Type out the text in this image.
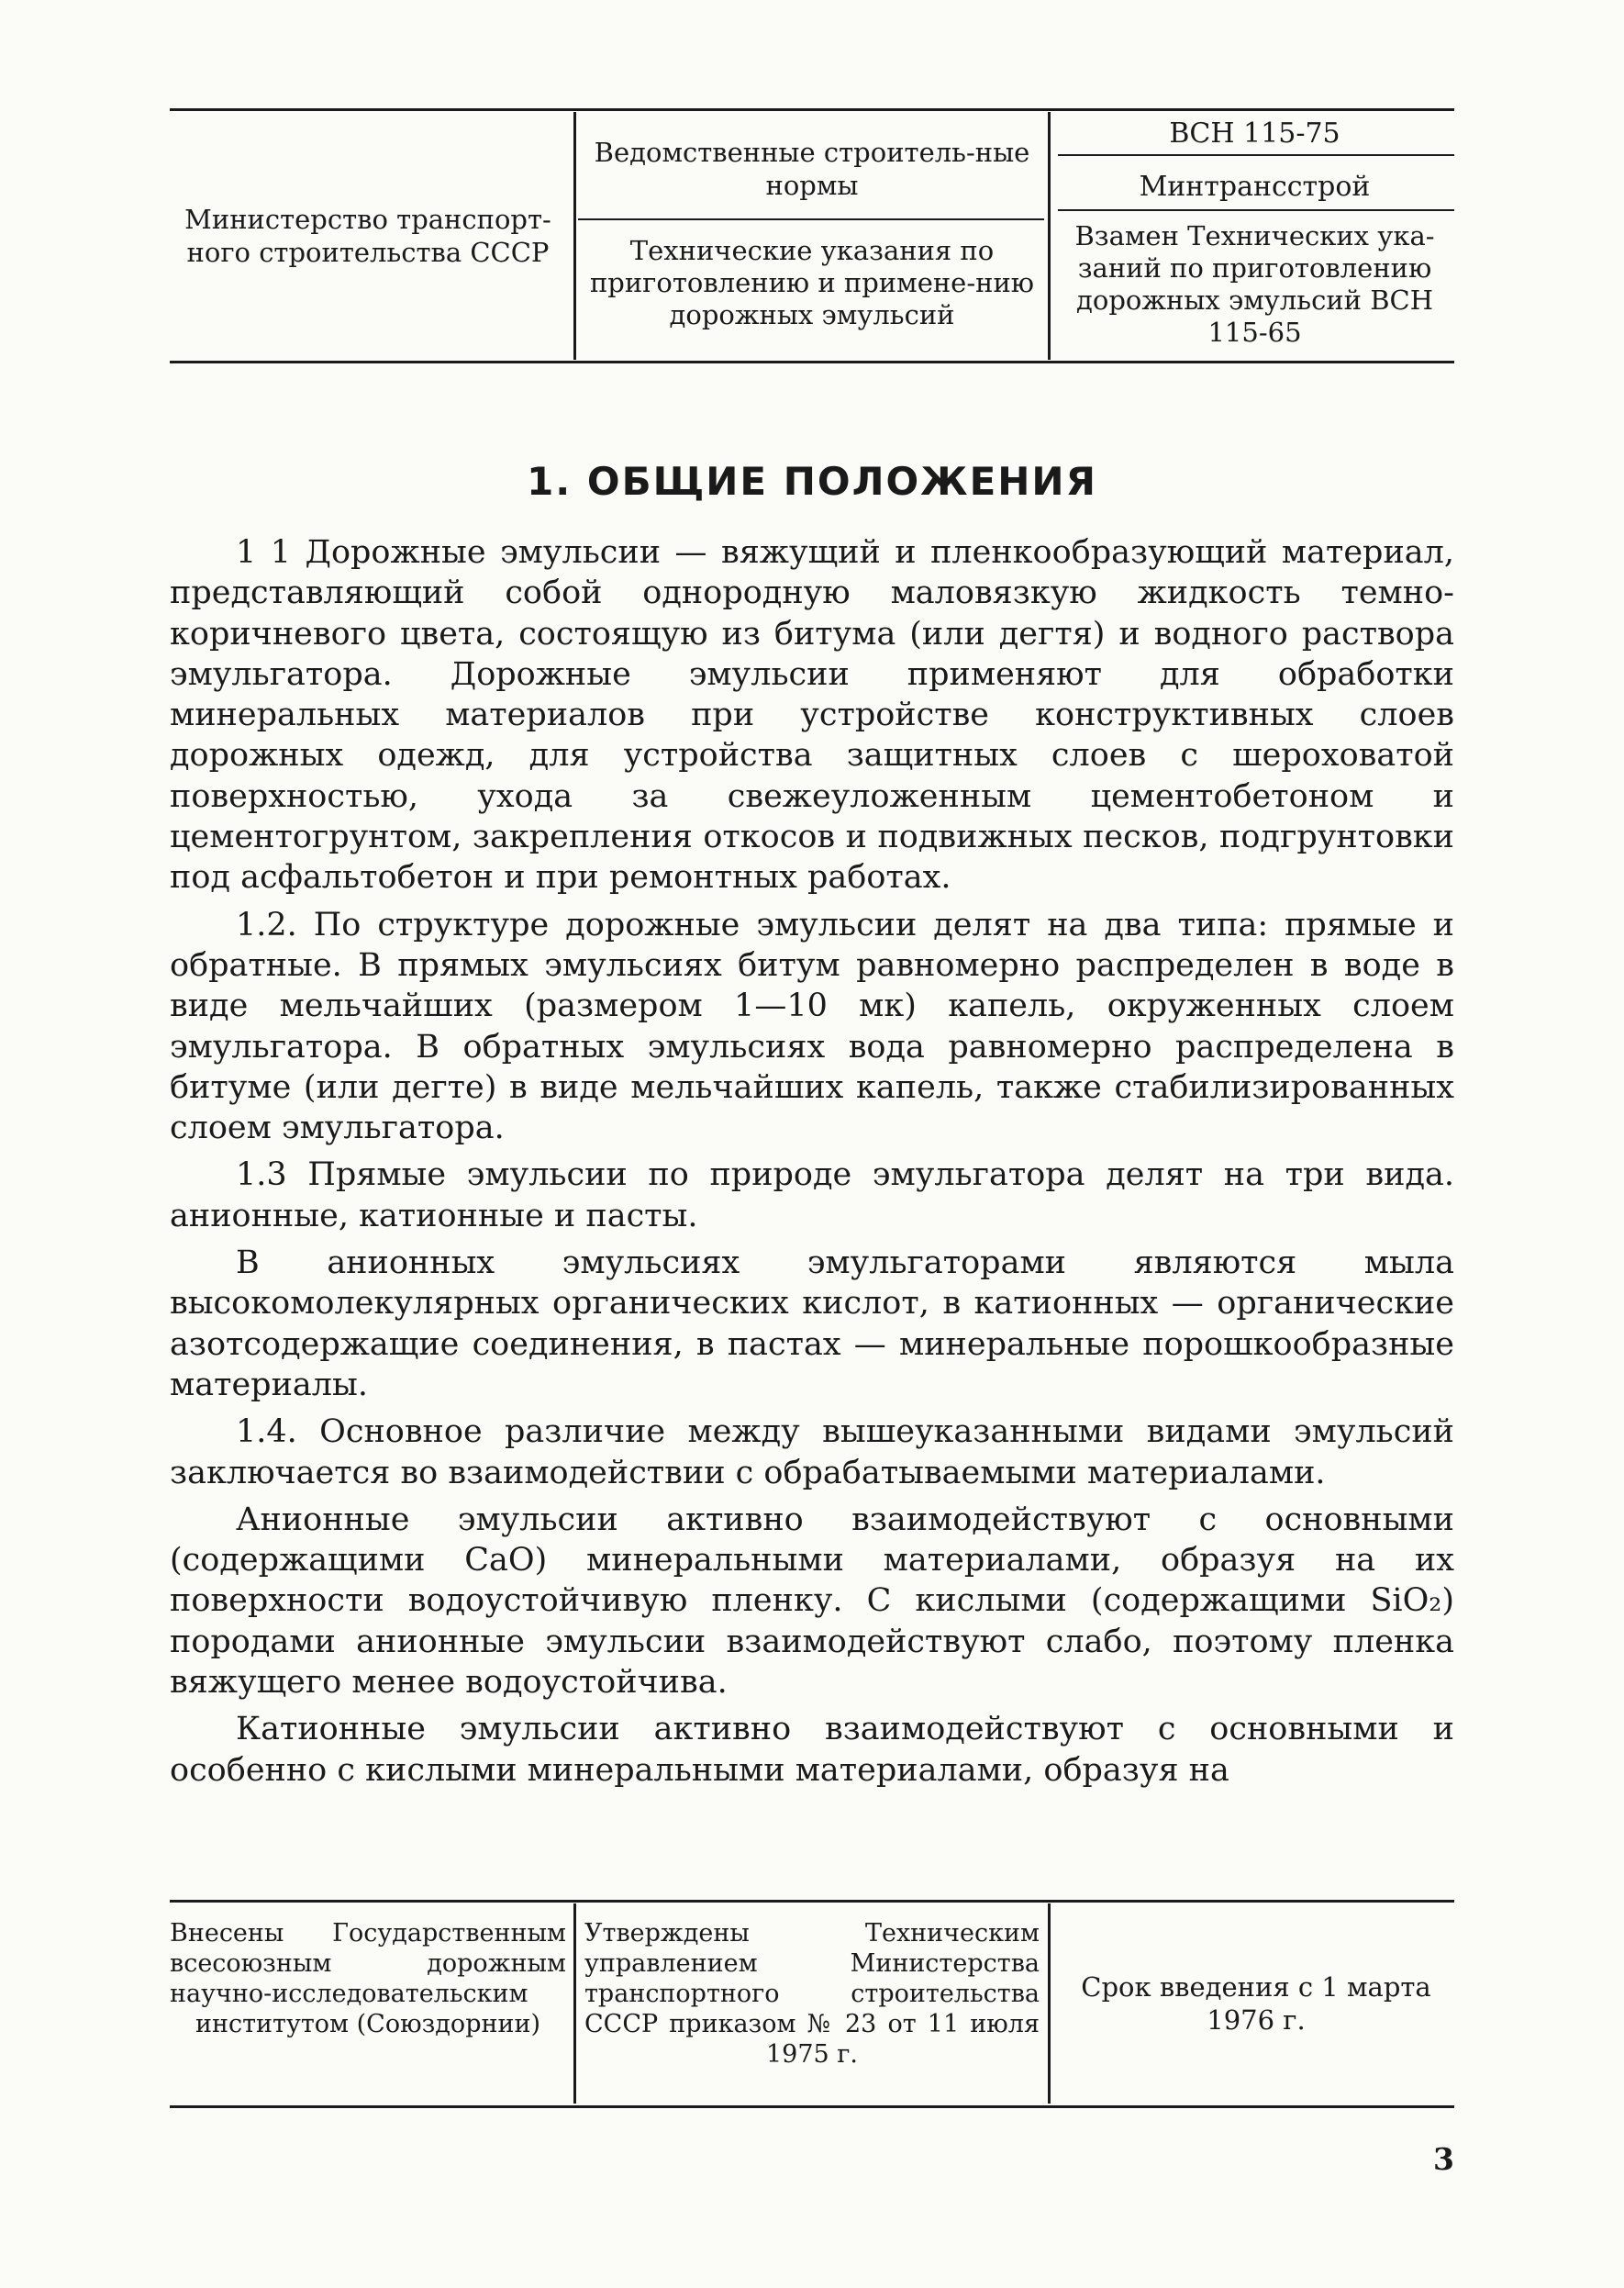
Министерство транспорт-ного строительства СССР
Ведомственные строитель-ные нормы
Технические указания по приготовлению и примене-нию дорожных эмульсий
ВСН 115-75
Минтрансстрой
Взамен Технических ука-заний по приготовлению дорожных эмульсий ВСН 115-65
1. ОБЩИЕ ПОЛОЖЕНИЯ

1 1 Дорожные эмульсии — вяжущий и пленкообразующий материал, представляющий собой однородную маловязкую жидкость темно-коричневого цвета, состоящую из битума (или дегтя) и водного раствора эмульгатора. Дорожные эмульсии применяют для обработки минеральных материалов при устройстве конструктивных слоев дорожных одежд, для устройства защитных слоев с шероховатой поверхностью, ухода за свежеуложенным цементобетоном и цементогрунтом, закрепления откосов и подвижных песков, подгрунтовки под асфальтобетон и при ремонтных работах.

1.2. По структуре дорожные эмульсии делят на два типа: прямые и обратные. В прямых эмульсиях битум равномерно распределен в воде в виде мельчайших (размером 1—10 мк) капель, окруженных слоем эмульгатора. В обратных эмульсиях вода равномерно распределена в битуме (или дегте) в виде мельчайших капель, также стабилизированных слоем эмульгатора.

1.3 Прямые эмульсии по природе эмульгатора делят на три вида. анионные, катионные и пасты.

В анионных эмульсиях эмульгаторами являются мыла высокомолекулярных органических кислот, в катионных — органические азотсодержащие соединения, в пастах — минеральные порошкообразные материалы.

1.4. Основное различие между вышеуказанными видами эмульсий заключается во взаимодействии с обрабатываемыми материалами.

Анионные эмульсии активно взаимодействуют с основными (содержащими CaO) минеральными материалами, образуя на их поверхности водоустойчивую пленку. С кислыми (содержащими SiO₂) породами анионные эмульсии взаимодействуют слабо, поэтому пленка вяжущего менее водоустойчива.

Катионные эмульсии активно взаимодействуют с основными и особенно с кислыми минеральными материалами, образуя на

Внесены Государственным всесоюзным дорожным научно-исследовательским институтом (Союздорнии)
Утверждены Техническим управлением Министерства транспортного строительства СССР приказом № 23 от 11 июля 1975 г.
Срок введения с 1 марта 1976 г.
3
